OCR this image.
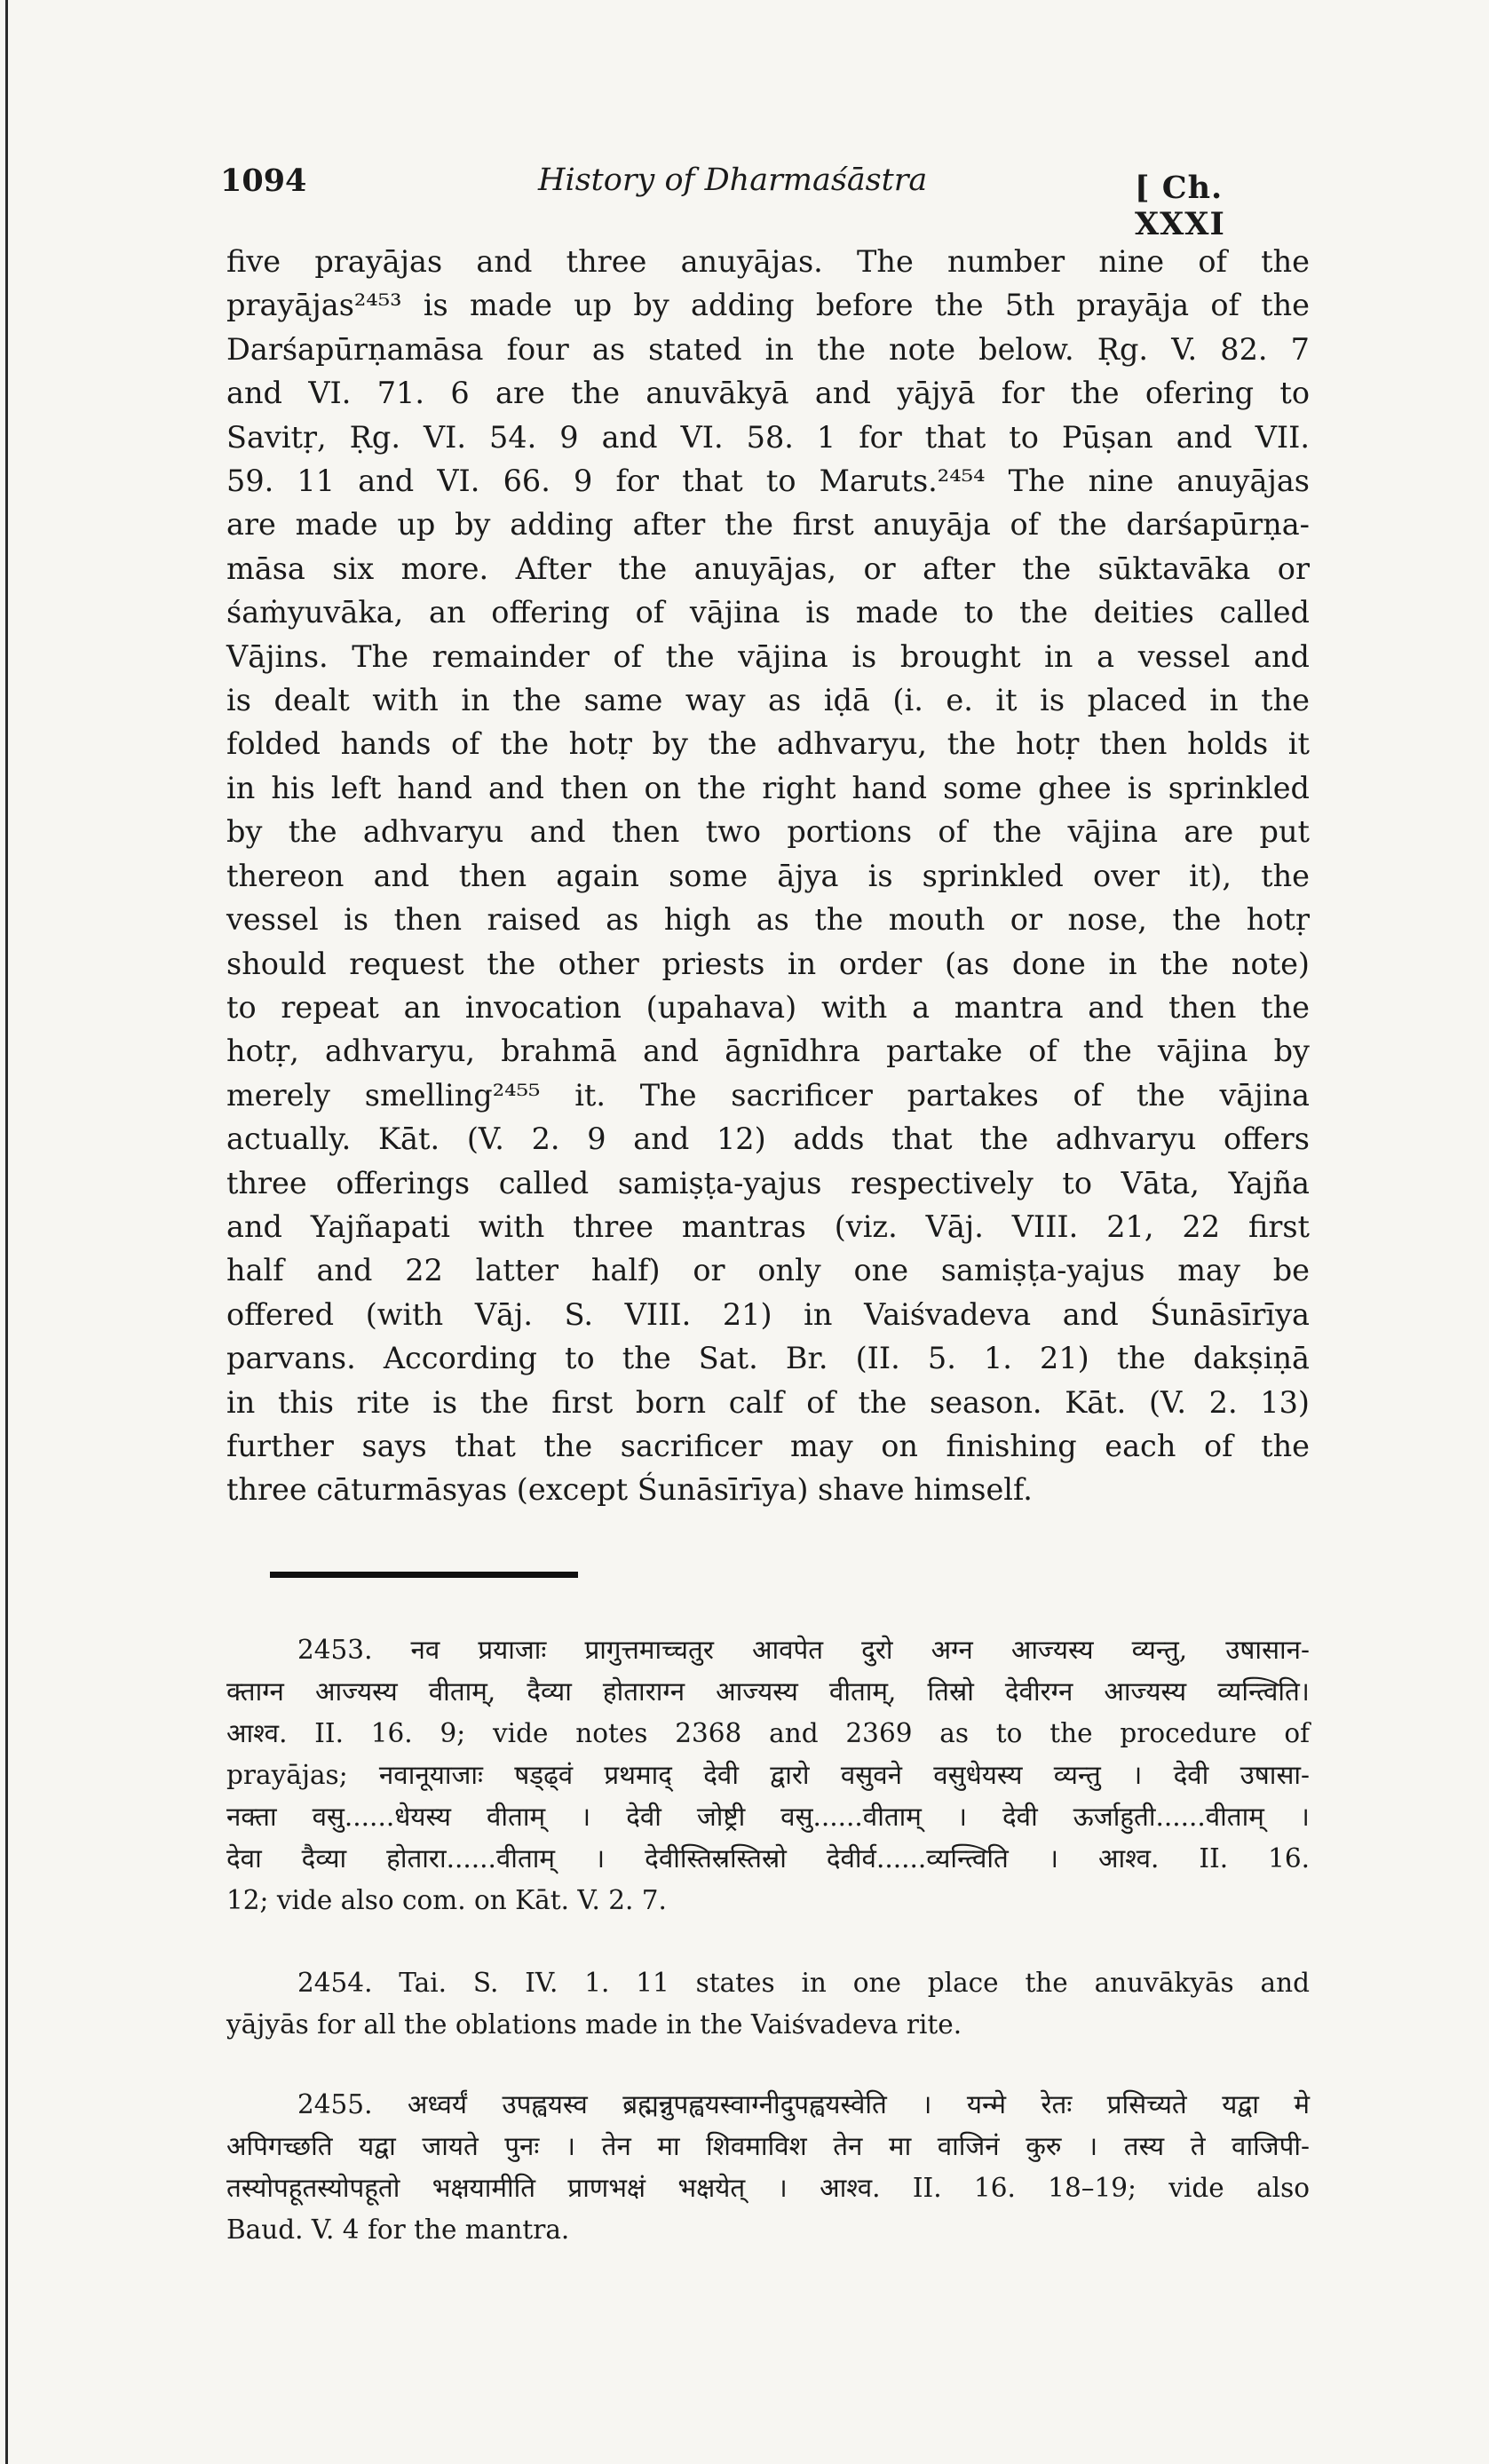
1094	History of Dharmaśāstra	[ Ch. XXXI
five prayājas and three anuyājas. The number nine of the
prayājas²⁴⁵³ is made up by adding before the 5th prayāja of the
Darśapūrṇamāsa four as stated in the note below. Ṛg. V. 82. 7
and VI. 71. 6 are the anuvākyā and yājyā for the ofering to
Savitṛ, Ṛg. VI. 54. 9 and VI. 58. 1 for that to Pūṣan and VII.
59. 11 and VI. 66. 9 for that to Maruts.²⁴⁵⁴ The nine anuyājas
are made up by adding after the first anuyāja of the darśapūrṇa-
māsa six more. After the anuyājas, or after the sūktavāka or
śaṁyuvāka, an offering of vājina is made to the deities called
Vājins. The remainder of the vājina is brought in a vessel and
is dealt with in the same way as iḍā (i. e. it is placed in the
folded hands of the hotṛ by the adhvaryu, the hotṛ then holds it
in his left hand and then on the right hand some ghee is sprinkled
by the adhvaryu and then two portions of the vājina are put
thereon and then again some ājya is sprinkled over it), the
vessel is then raised as high as the mouth or nose, the hotṛ
should request the other priests in order (as done in the note)
to repeat an invocation (upahava) with a mantra and then the
hotṛ, adhvaryu, brahmā and āgnīdhra partake of the vājina by
merely smelling²⁴⁵⁵ it. The sacrificer partakes of the vājina
actually. Kāt. (V. 2. 9 and 12) adds that the adhvaryu offers
three offerings called samiṣṭa-yajus respectively to Vāta, Yajña
and Yajñapati with three mantras (viz. Vāj. VIII. 21, 22 first
half and 22 latter half) or only one samiṣṭa-yajus may be
offered (with Vāj. S. VIII. 21) in Vaiśvadeva and Śunāsīrīya
parvans. According to the Sat. Br. (II. 5. 1. 21) the dakṣiṇā
in this rite is the first born calf of the season. Kāt. (V. 2. 13)
further says that the sacrificer may on finishing each of the
three cāturmāsyas (except Śunāsīrīya) shave himself.
2453. नव प्रयाजाः प्रागुत्तमाच्चतुर आवपेत दुरो अग्न आज्यस्य व्यन्तु, उषासान-
क्ताग्न आज्यस्य वीताम्, दैव्या होताराग्न आज्यस्य वीताम्, तिस्रो देवीरग्न आज्यस्य व्यन्त्विति।
आश्व. II. 16. 9; vide notes 2368 and 2369 as to the procedure of
prayājas; नवानूयाजाः षड्ढ्वं प्रथमाद् देवी द्वारो वसुवने वसुधेयस्य व्यन्तु । देवी उषासा-
नक्ता वसु......धेयस्य वीताम् । देवी जोष्ट्री वसु......वीताम् । देवी ऊर्जाहुती......वीताम् ।
देवा दैव्या होतारा......वीताम् । देवीस्तिस्रस्तिस्रो देवीर्व......व्यन्त्विति । आश्व. II. 16.
12; vide also com. on Kāt. V. 2. 7.
2454. Tai. S. IV. 1. 11 states in one place the anuvākyās and
yājyās for all the oblations made in the Vaiśvadeva rite.
2455. अध्वर्यं उपह्वयस्व ब्रह्मन्नुपह्वयस्वाग्नीदुपह्वयस्वेति । यन्मे रेतः प्रसिच्यते यद्वा मे
अपिगच्छति यद्वा जायते पुनः । तेन मा शिवमाविश तेन मा वाजिनं कुरु । तस्य ते वाजिपी-
तस्योपहूतस्योपहूतो भक्षयामीति प्राणभक्षं भक्षयेत् । आश्व. II. 16. 18–19; vide also
Baud. V. 4 for the mantra.
